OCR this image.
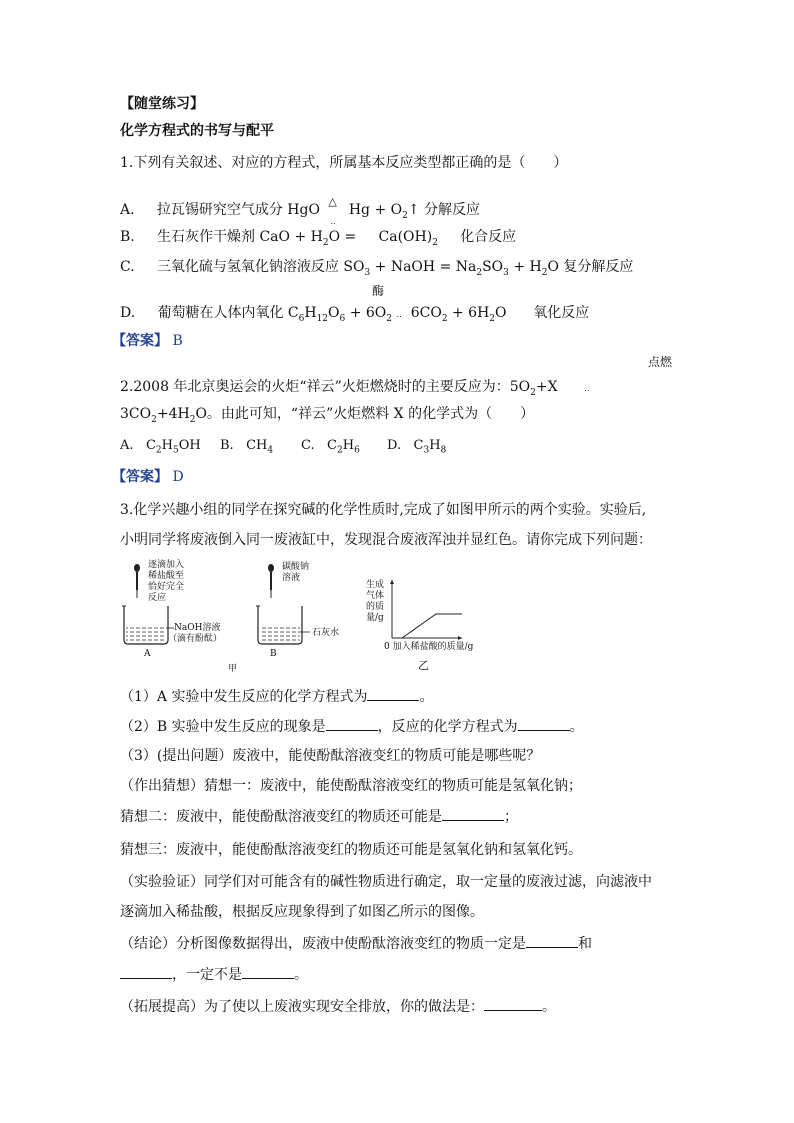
【随堂练习】
化学方程式的书写与配平
1.下列有关叙述、对应的方程式，所属基本反应类型都正确的是（　　）
A. 拉瓦锡研究空气成分 HgO
△
‥
$Hg + O_2↑$ 分解反应
B. 生石灰作干燥剂 CaO + $H_2O = Ca(OH)_2$ 化合反应
C. 三氧化硫与氢氧化钠溶液反应 $SO_3$ + NaOH = $Na_2SO_3 + H_2O$ 复分解反应
酶
D. 葡萄糖在人体内氧化 $C_6H_{12}O_6 + 6O_2$ ‥ $6CO_2 + 6H_2O$ 氧化反应
【答案】 B
点燃
2.2008 年北京奥运会的火炬“祥云”火炬燃烧时的主要反应为：$5O_2+X$	‥
$3CO_2+4H_2O$。由此可知，“祥云”火炬燃料 X 的化学式为（　　）
A. $C_2H_5OH$ B. $CH_4$ C. $C_2H_6$ D. $C_3H_8$
【答案】 D
3.化学兴趣小组的同学在探究碱的化学性质时,完成了如图甲所示的两个实验。实验后,
小明同学将废液倒入同一废液缸中，发现混合废液浑浊并显红色。请你完成下列问题：
逐滴加入
稀盐酸至
恰好完全
反应
NaOH溶液
（滴有酚酞）
A
碳酸钠
溶液
石灰水
B
甲
生成
气体
的质
量/g
0 加入稀盐酸的质量/g
乙
（1）A 实验中发生反应的化学方程式为	。
（2）B 实验中发生反应的现象是	，反应的化学方程式为	。
（3）(提出问题）废液中，能使酚酞溶液变红的物质可能是哪些呢？
（作出猜想）猜想一：废液中，能使酚酞溶液变红的物质可能是氢氧化钠；
猜想二：废液中，能使酚酞溶液变红的物质还可能是	；
猜想三：废液中，能使酚酞溶液变红的物质还可能是氢氧化钠和氢氧化钙。
（实验验证）同学们对可能含有的碱性物质进行确定，取一定量的废液过滤，向滤液中
逐滴加入稀盐酸，根据反应现象得到了如图乙所示的图像。
（结论）分析图像数据得出，废液中使酚酞溶液变红的物质一定是	和
，一定不是	。
（拓展提高）为了使以上废液实现安全排放，你的做法是：	。
